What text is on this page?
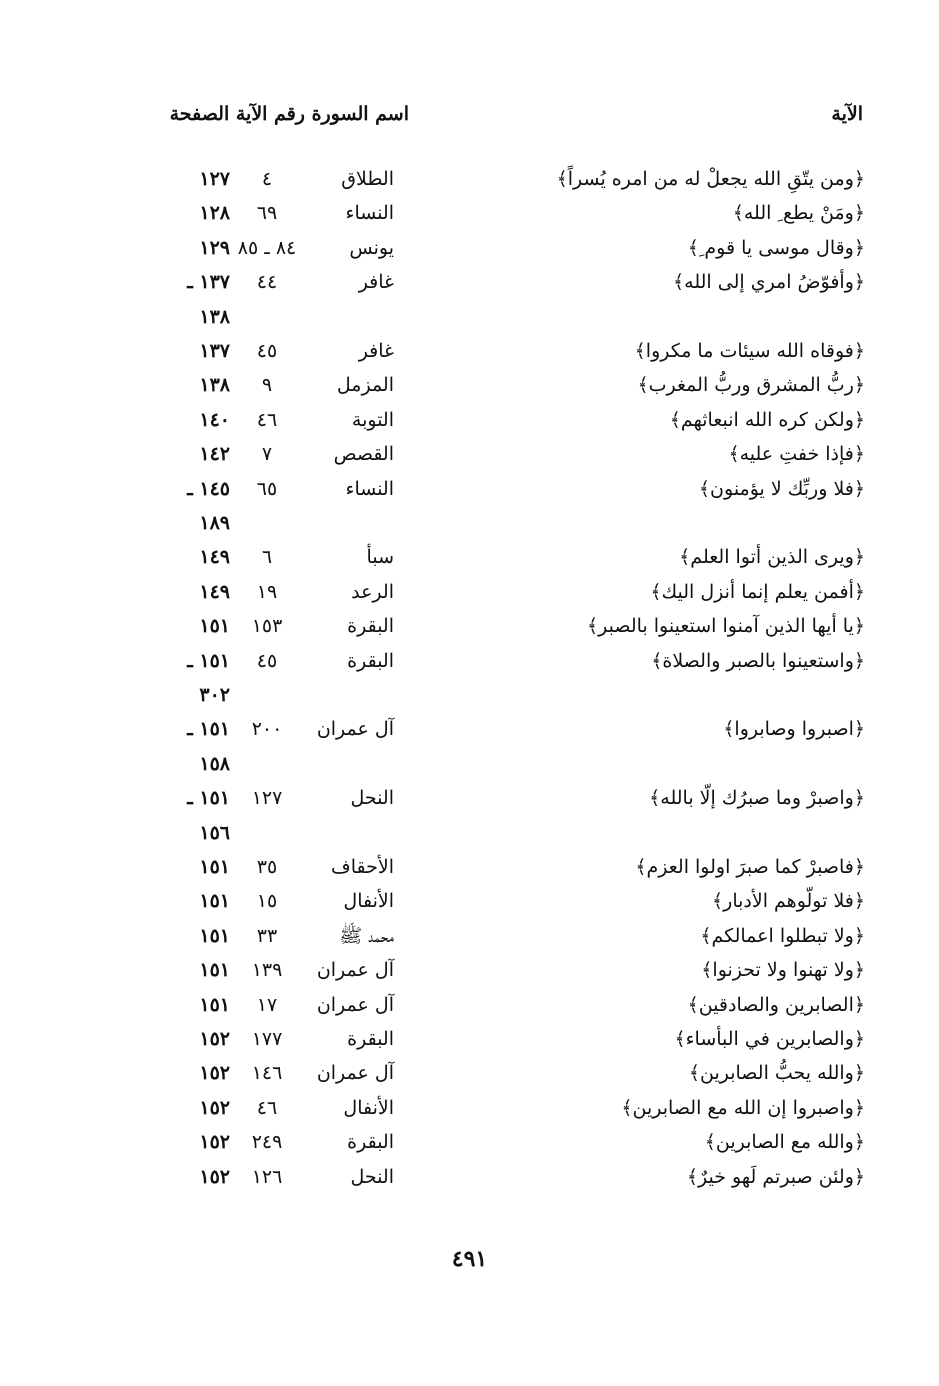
الآية
اسم السورة رقم الآية الصفحة
﴿ومن يتّقِ الله يجعلْ له من امره يُسراً﴾
الطلاق
٤
١٢٧
﴿ومَنْ يطع ِ الله﴾
النساء
٦٩
١٢٨
﴿وقال موسى يا قوم ِ﴾
يونس
٨٤ ـ ٨٥
١٢٩
﴿وأفوّضُ امري إلى الله﴾
غافر
٤٤
١٣٧ ـ
١٣٨
﴿فوقاه الله سيئات ما مكروا﴾
غافر
٤٥
١٣٧
﴿ربُّ المشرق وربُّ المغرب﴾
المزمل
٩
١٣٨
﴿ولكن كره الله انبعاثهم﴾
التوبة
٤٦
١٤٠
﴿فإذا خفتِ عليه﴾
القصص
٧
١٤٢
﴿فلا وربِّك لا يؤمنون﴾
النساء
٦٥
١٤٥ ـ
١٨٩
﴿ويرى الذين أتوا العلم﴾
سبأ
٦
١٤٩
﴿أفمن يعلم إنما أنزل اليك﴾
الرعد
١٩
١٤٩
﴿يا أيها الذين آمنوا استعينوا بالصبر﴾
البقرة
١٥٣
١٥١
﴿واستعينوا بالصبر والصلاة﴾
البقرة
٤٥
١٥١ ـ
٣٠٢
﴿اصبروا وصابروا﴾
آل عمران
٢٠٠
١٥١ ـ
١٥٨
﴿واصبرْ وما صبرُك إلّا بالله﴾
النحل
١٢٧
١٥١ ـ
١٥٦
﴿فاصبرْ كما صبرَ اولوا العزم﴾
الأحقاف
٣٥
١٥١
﴿فلا تولّوهم الأدبار﴾
الأنفال
١٥
١٥١
﴿ولا تبطلوا اعمالكم﴾
محمد ﷺ
٣٣
١٥١
﴿ولا تهنوا ولا تحزنوا﴾
آل عمران
١٣٩
١٥١
﴿الصابرين والصادقين﴾
آل عمران
١٧
١٥١
﴿والصابرين في البأساء﴾
البقرة
١٧٧
١٥٢
﴿والله يحبُّ الصابرين﴾
آل عمران
١٤٦
١٥٢
﴿واصبروا إن الله مع الصابرين﴾
الأنفال
٤٦
١٥٢
﴿والله مع الصابرين﴾
البقرة
٢٤٩
١٥٢
﴿ولئن صبرتم لَهو خيرٌ﴾
النحل
١٢٦
١٥٢
٤٩١
